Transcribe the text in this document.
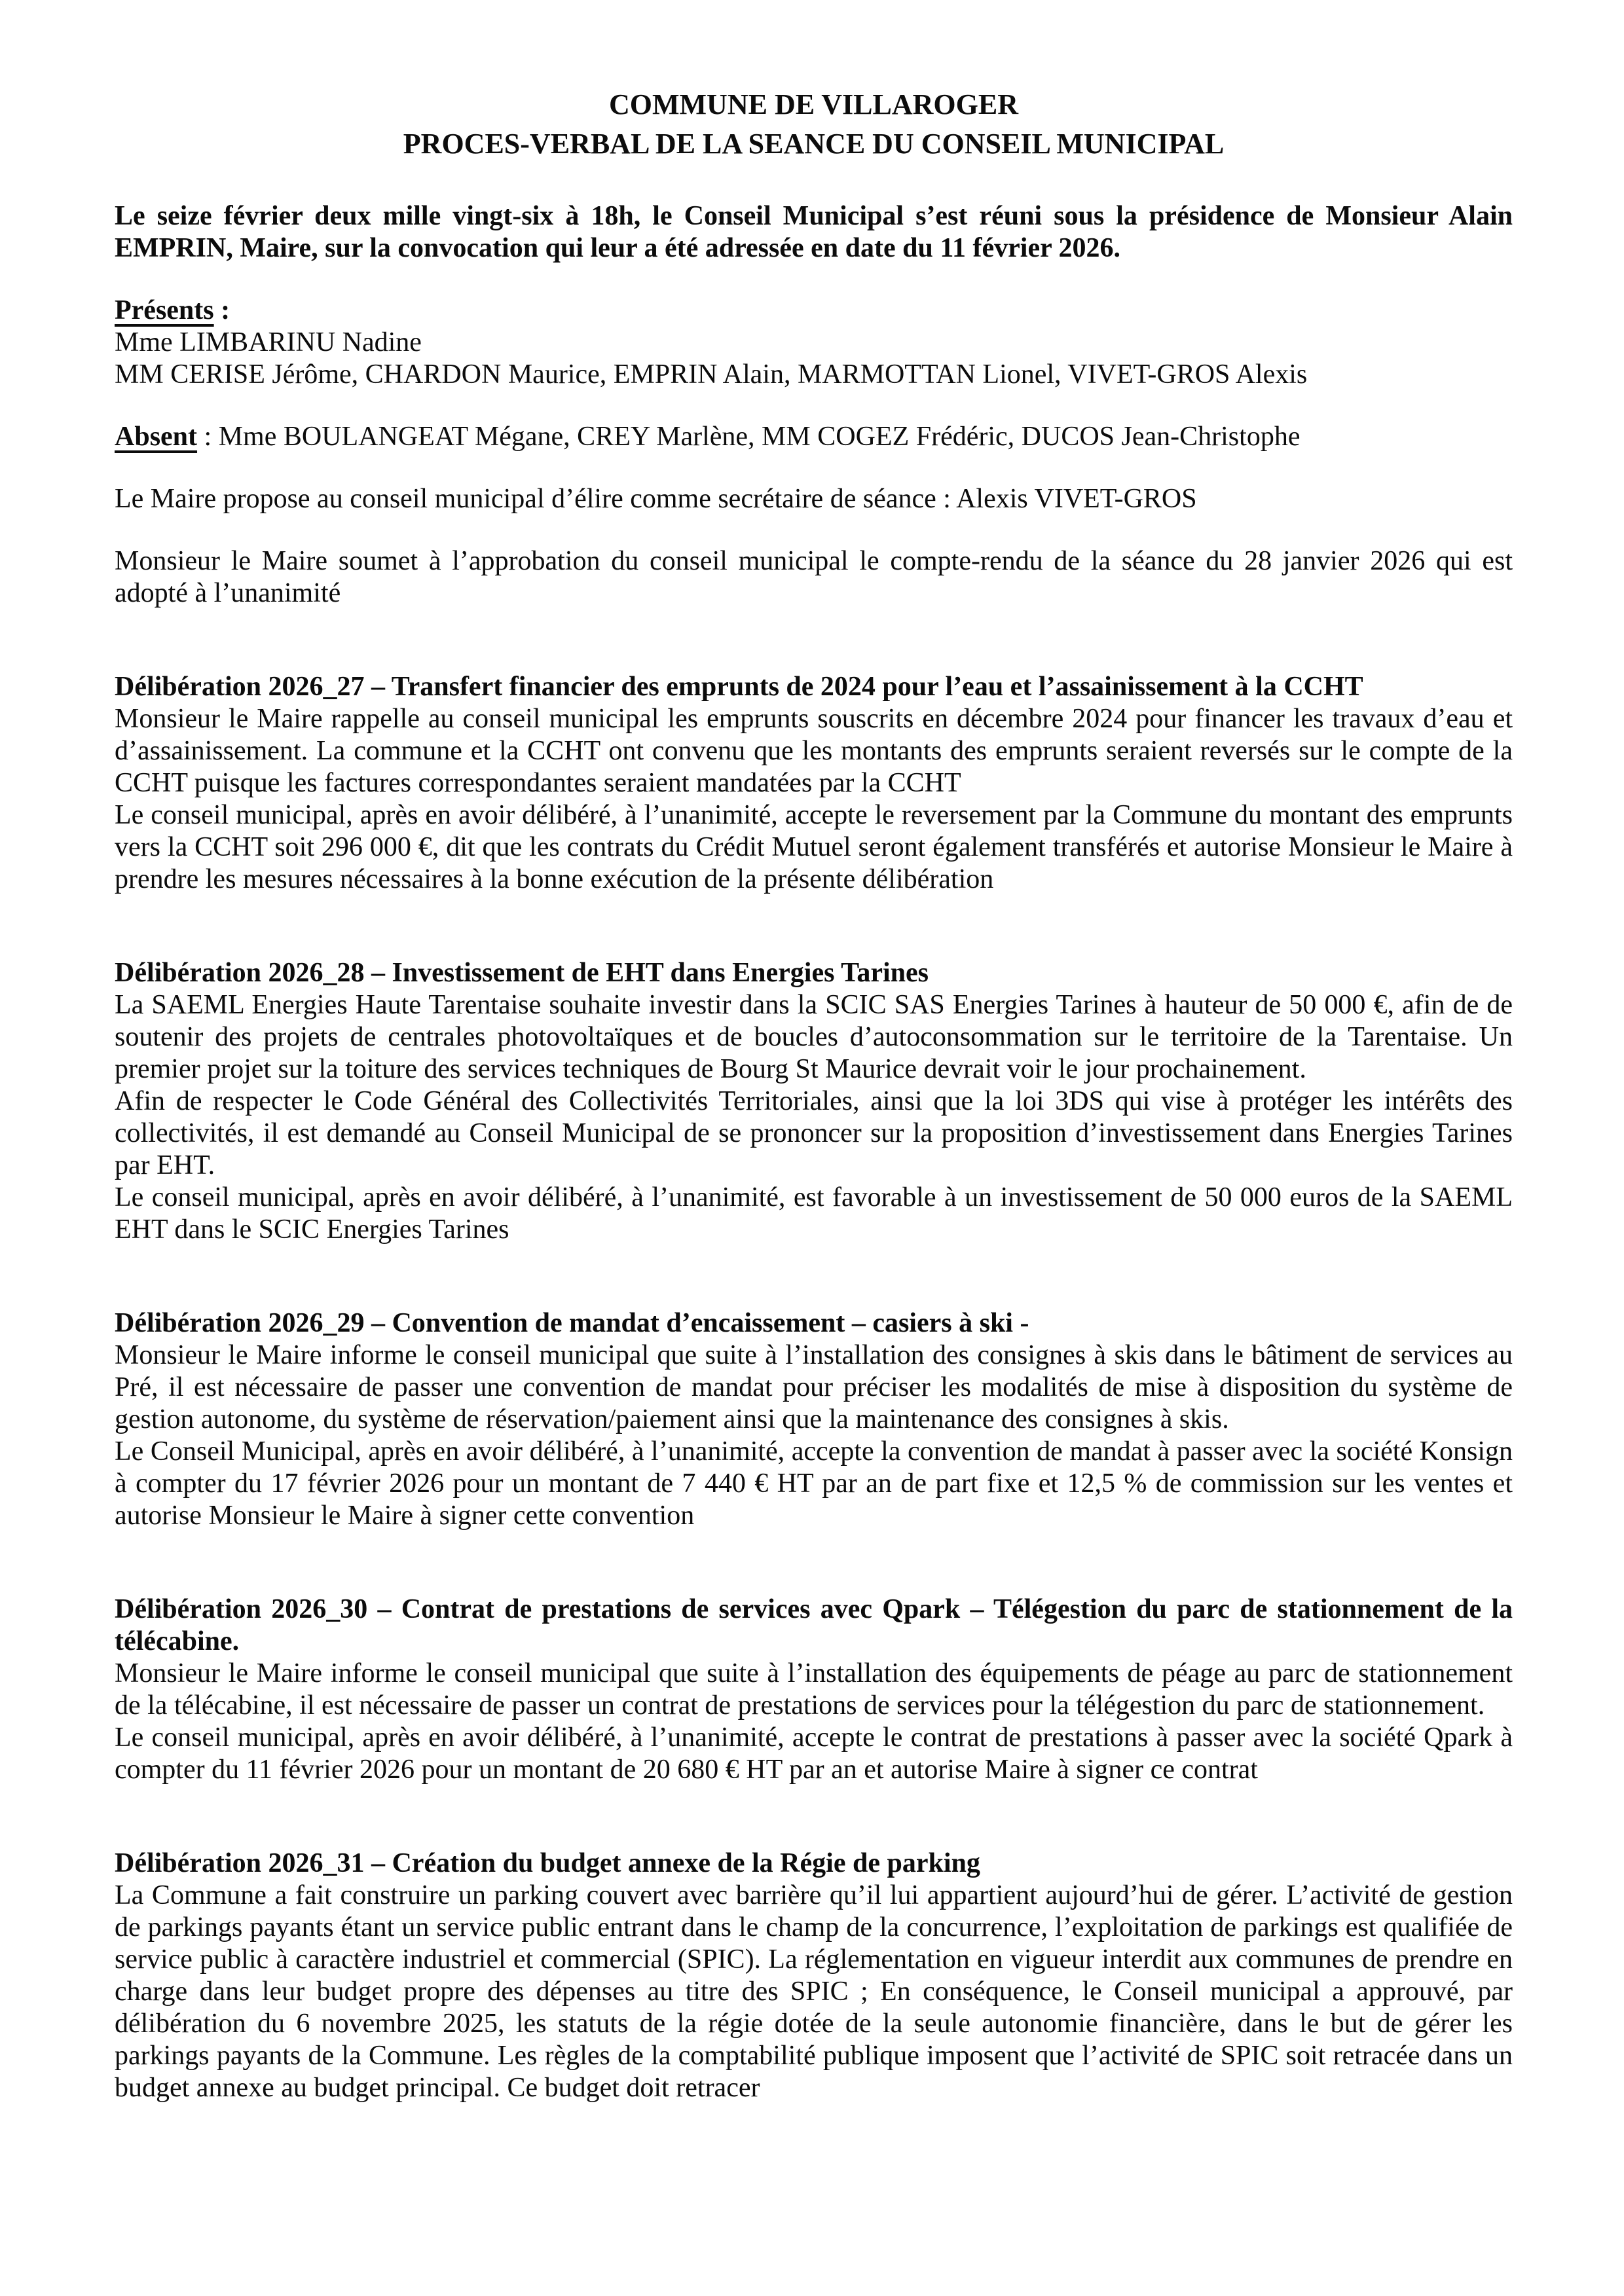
COMMUNE DE VILLAROGER
PROCES-VERBAL DE LA SEANCE DU CONSEIL MUNICIPAL

Le seize février deux mille vingt-six à 18h, le Conseil Municipal s’est réuni sous la présidence de Monsieur Alain EMPRIN, Maire, sur la convocation qui leur a été adressée en date du 11 février 2026.

Présents :

Mme LIMBARINU Nadine

MM CERISE Jérôme, CHARDON Maurice, EMPRIN Alain, MARMOTTAN Lionel, VIVET-GROS Alexis

Absent : Mme BOULANGEAT Mégane, CREY Marlène, MM COGEZ Frédéric, DUCOS Jean-Christophe

Le Maire propose au conseil municipal d’élire comme secrétaire de séance : Alexis VIVET-GROS

Monsieur le Maire soumet à l’approbation du conseil municipal le compte-rendu de la séance du 28 janvier 2026 qui est adopté à l’unanimité

Délibération 2026_27 – Transfert financier des emprunts de 2024 pour l’eau et l’assainissement à la CCHT

Monsieur le Maire rappelle au conseil municipal les emprunts souscrits en décembre 2024 pour financer les travaux d’eau et d’assainissement. La commune et la CCHT ont convenu que les montants des emprunts seraient reversés sur le compte de la CCHT puisque les factures correspondantes seraient mandatées par la CCHT

Le conseil municipal, après en avoir délibéré, à l’unanimité, accepte le reversement par la Commune du montant des emprunts vers la CCHT soit 296 000 €, dit que les contrats du Crédit Mutuel seront également transférés et autorise Monsieur le Maire à prendre les mesures nécessaires à la bonne exécution de la présente délibération

Délibération 2026_28 – Investissement de EHT dans Energies Tarines

La SAEML Energies Haute Tarentaise souhaite investir dans la SCIC SAS Energies Tarines à hauteur de 50 000 €, afin de de soutenir des projets de centrales photovoltaïques et de boucles d’autoconsommation sur le territoire de la Tarentaise. Un premier projet sur la toiture des services techniques de Bourg St Maurice devrait voir le jour prochainement.

Afin de respecter le Code Général des Collectivités Territoriales, ainsi que la loi 3DS qui vise à protéger les intérêts des collectivités, il est demandé au Conseil Municipal de se prononcer sur la proposition d’investissement dans Energies Tarines par EHT.

Le conseil municipal, après en avoir délibéré, à l’unanimité, est favorable à un investissement de 50 000 euros de la SAEML EHT dans le SCIC Energies Tarines

Délibération 2026_29 – Convention de mandat d’encaissement – casiers à ski -

Monsieur le Maire informe le conseil municipal que suite à l’installation des consignes à skis dans le bâtiment de services au Pré, il est nécessaire de passer une convention de mandat pour préciser les modalités de mise à disposition du système de gestion autonome, du système de réservation/paiement ainsi que la maintenance des consignes à skis.

Le Conseil Municipal, après en avoir délibéré, à l’unanimité, accepte la convention de mandat à passer avec la société Konsign à compter du 17 février 2026 pour un montant de 7 440 € HT par an de part fixe et 12,5 % de commission sur les ventes et autorise Monsieur le Maire à signer cette convention

Délibération 2026_30 – Contrat de prestations de services avec Qpark – Télégestion du parc de stationnement de la télécabine.

Monsieur le Maire informe le conseil municipal que suite à l’installation des équipements de péage au parc de stationnement de la télécabine, il est nécessaire de passer un contrat de prestations de services pour la télégestion du parc de stationnement.

Le conseil municipal, après en avoir délibéré, à l’unanimité, accepte le contrat de prestations à passer avec la société Qpark à compter du 11 février 2026 pour un montant de 20 680 € HT par an et autorise Maire à signer ce contrat

Délibération 2026_31 – Création du budget annexe de la Régie de parking

La Commune a fait construire un parking couvert avec barrière qu’il lui appartient aujourd’hui de gérer. L’activité de gestion de parkings payants étant un service public entrant dans le champ de la concurrence, l’exploitation de parkings est qualifiée de service public à caractère industriel et commercial (SPIC). La réglementation en vigueur interdit aux communes de prendre en charge dans leur budget propre des dépenses au titre des SPIC ; En conséquence, le Conseil municipal a approuvé, par délibération du 6 novembre 2025, les statuts de la régie dotée de la seule autonomie financière, dans le but de gérer les parkings payants de la Commune. Les règles de la comptabilité publique imposent que l’activité de SPIC soit retracée dans un budget annexe au budget principal. Ce budget doit retracer
